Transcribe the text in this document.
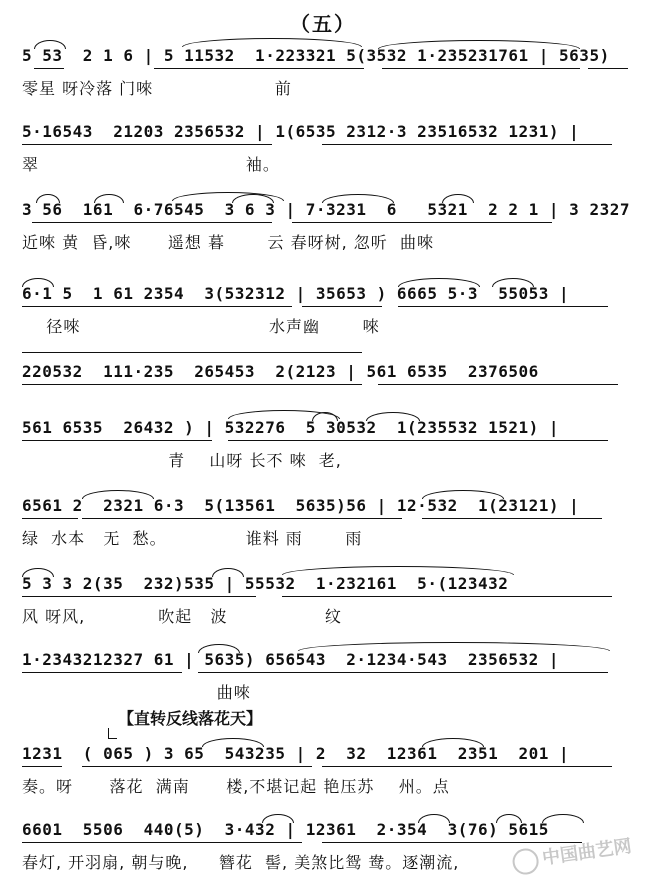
（五）
5 53  2 1 6 | 5 11532  1·223321 5(3532 1·235231761 | 5635)
零星 呀冷落 门唻                    前
5·16543  21203 2356532 | 1(6535 2312·3 23516532 1231) |
翠                                  袖。
3 56  161  6·76545  3 6 3 | 7·3231  6   5321  2 2 1 | 3 2327
近唻 黄  昏,唻      遥想 暮       云 春呀树, 忽听  曲唻
6·1 5  1 61 2354  3(532312 | 35653 ) 6665 5·3  55053 |
径唻                               水声幽       唻
220532  111·235  265453  2(2123 | 561 6535  2376506
561 6535  26432 ) | 532276  5 30532  1(235532 1521) |
青    山呀 长不 唻  老,
6561 2  2321 6·3  5(13561  5635)56 | 12·532  1(23121) |
绿  水本   无  愁。             谁料 雨       雨
5 3 3 2(35  232)535 | 55532  1·232161  5·(123432
风 呀风,            吹起   波                纹
1·2343212327 61 | 5635) 656543  2·1234·543  2356532 |
曲唻
【直转反线落花天】
1231  ( 065 ) 3 65  543235 | 2  32  12361  2351  201 |
奏。呀      落花  满南      楼,不堪记起 艳压苏    州。点
6601  5506  440(5)  3·432 | 12361  2·354  3(76) 5615
春灯, 开羽扇, 朝与晚,     簪花  髻, 美煞比鸳 鸯。逐潮流,	中国曲艺网
